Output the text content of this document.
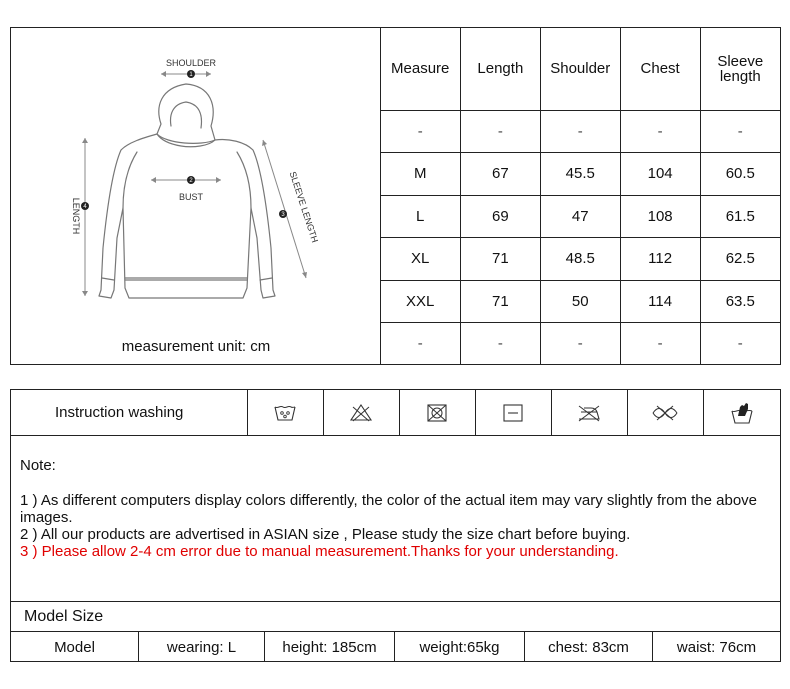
1
2
3
4
SHOULDER
BUST
LENGTH	SLEEVE LENGTH
measurement unit: cm
Measure	Length	Shoulder	Chest	Sleeve length
-	-	-	-	-
M	67	45.5	104	60.5
L	69	47	108	61.5
XL	71	48.5	112	62.5
XXL	71	50	114	63.5
-	-	-	-	-
Instruction washing
Note:
1 ) As different computers display colors differently, the color of the actual item may vary slightly from the above images.
2 ) All our products are advertised in ASIAN size , Please study the size chart before buying.
3 ) Please allow 2-4 cm error due to manual measurement.Thanks for your understanding.
Model Size
Model	wearing: L	height: 185cm	weight:65kg	chest: 83cm	waist: 76cm
